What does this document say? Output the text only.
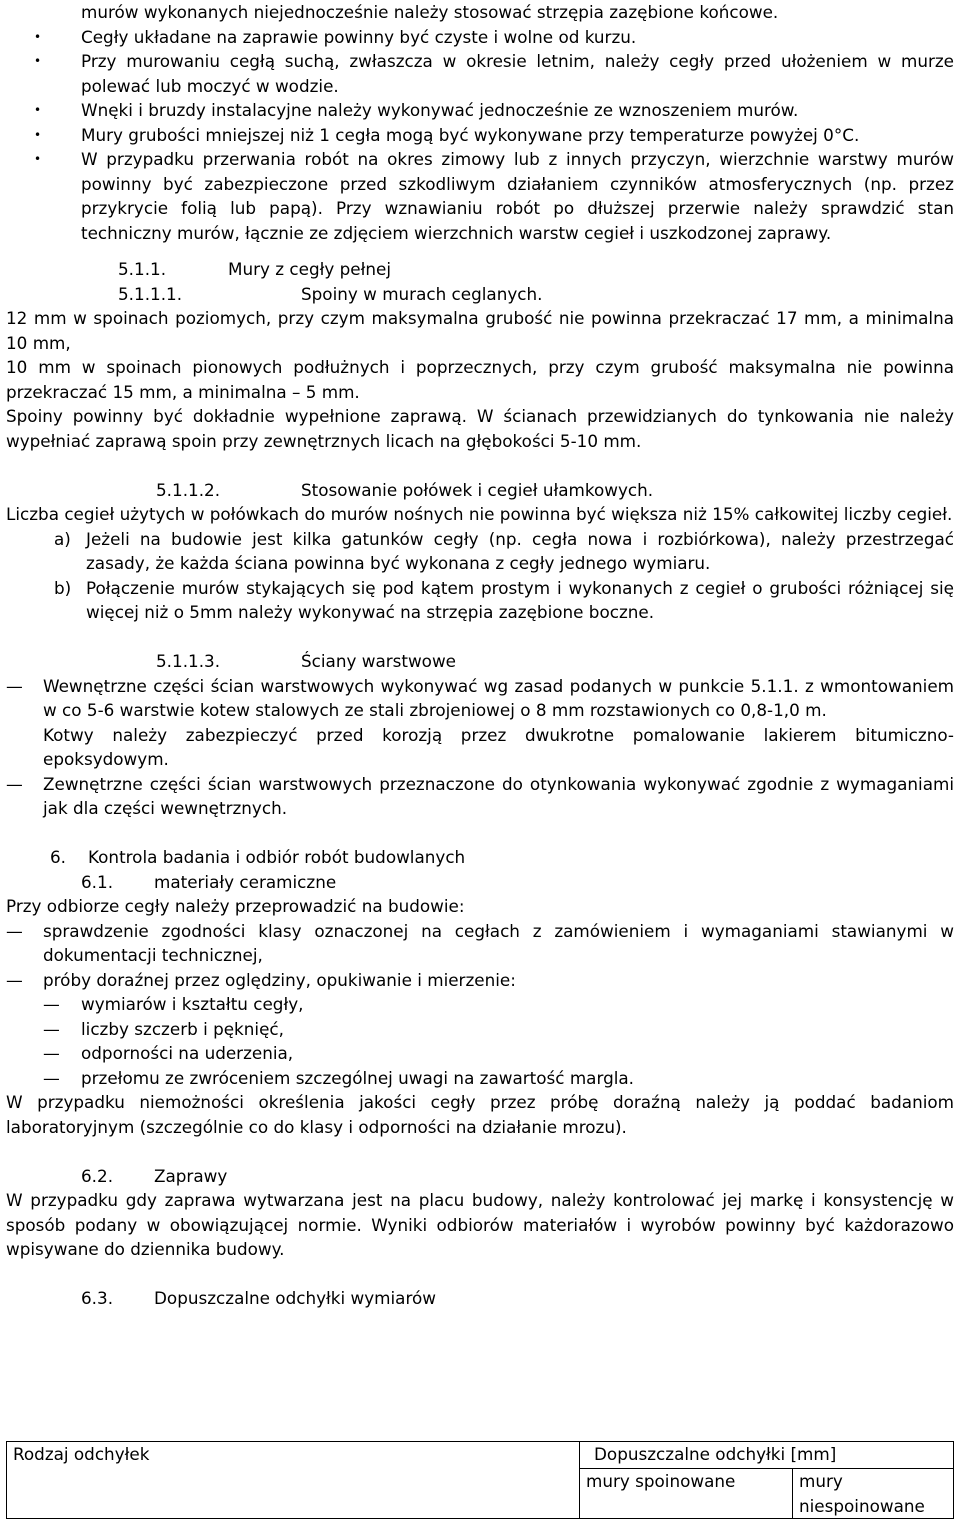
murów wykonanych niejednocześnie należy stosować strzępia zazębione końcowe.

• Cegły układane na zaprawie powinny być czyste i wolne od kurzu.
• Przy murowaniu cegłą suchą, zwłaszcza w okresie letnim, należy cegły przed ułożeniem w murze polewać lub moczyć w wodzie.
• Wnęki i bruzdy instalacyjne należy wykonywać jednocześnie ze wznoszeniem murów.
• Mury grubości mniejszej niż 1 cegła mogą być wykonywane przy temperaturze powyżej 0°C.
• W przypadku przerwania robót na okres zimowy lub z innych przyczyn, wierzchnie warstwy murów powinny być zabezpieczone przed szkodliwym działaniem czynników atmosferycznych (np. przez przykrycie folią lub papą). Przy wznawianiu robót po dłuższej przerwie należy sprawdzić stan techniczny murów, łącznie ze zdjęciem wierzchnich warstw cegieł i uszkodzonej zaprawy.
5.1.1.	Mury z cegły pełnej
5.1.1.1.	Spoiny w murach ceglanych.

12 mm w spoinach poziomych, przy czym maksymalna grubość nie powinna przekraczać 17 mm, a minimalna 10 mm,

10 mm w spoinach pionowych podłużnych i poprzecznych, przy czym grubość maksymalna nie powinna przekraczać 15 mm, a minimalna – 5 mm.

Spoiny powinny być dokładnie wypełnione zaprawą. W ścianach przewidzianych do tynkowania nie należy wypełniać zaprawą spoin przy zewnętrznych licach na głębokości 5-10 mm.

5.1.1.2.	Stosowanie połówek i cegieł ułamkowych.

Liczba cegieł użytych w połówkach do murów nośnych nie powinna być większa niż 15% całkowitej liczby cegieł.

a) Jeżeli na budowie jest kilka gatunków cegły (np. cegła nowa i rozbiórkowa), należy przestrzegać zasady, że każda ściana powinna być wykonana z cegły jednego wymiaru.
b) Połączenie murów stykających się pod kątem prostym i wykonanych z cegieł o grubości różniącej się więcej niż o 5mm należy wykonywać na strzępia zazębione boczne.
5.1.1.3.	Ściany warstwowe
— Wewnętrzne części ścian warstwowych wykonywać wg zasad podanych w punkcie 5.1.1. z wmontowaniem w co 5-6 warstwie kotew stalowych ze stali zbrojeniowej o 8 mm rozstawionych co 0,8-1,0 m.
Kotwy należy zabezpieczyć przed korozją przez dwukrotne pomalowanie lakierem bitumiczno-epoksydowym.
— Zewnętrzne części ścian warstwowych przeznaczone do otynkowania wykonywać zgodnie z wymaganiami jak dla części wewnętrznych.
6. Kontrola badania i odbiór robót budowlanych
6.1. materiały ceramiczne

Przy odbiorze cegły należy przeprowadzić na budowie:

— sprawdzenie zgodności klasy oznaczonej na cegłach z zamówieniem i wymaganiami stawianymi w dokumentacji technicznej,
— próby doraźnej przez oględziny, opukiwanie i mierzenie:
— wymiarów i kształtu cegły,
— liczby szczerb i pęknięć,
— odporności na uderzenia,
— przełomu ze zwróceniem szczególnej uwagi na zawartość margla.

W przypadku niemożności określenia jakości cegły przez próbę doraźną należy ją poddać badaniom laboratoryjnym (szczególnie co do klasy i odporności na działanie mrozu).

6.2. Zaprawy

W przypadku gdy zaprawa wytwarzana jest na placu budowy, należy kontrolować jej markę i konsystencję w sposób podany w obowiązującej normie. Wyniki odbiorów materiałów i wyrobów powinny być każdorazowo wpisywane do dziennika budowy.

6.3. Dopuszczalne odchyłki wymiarów
Rodzaj odchyłek	Dopuszczalne odchyłki [mm]	
	mury spoinowane	mury niespoinowane
